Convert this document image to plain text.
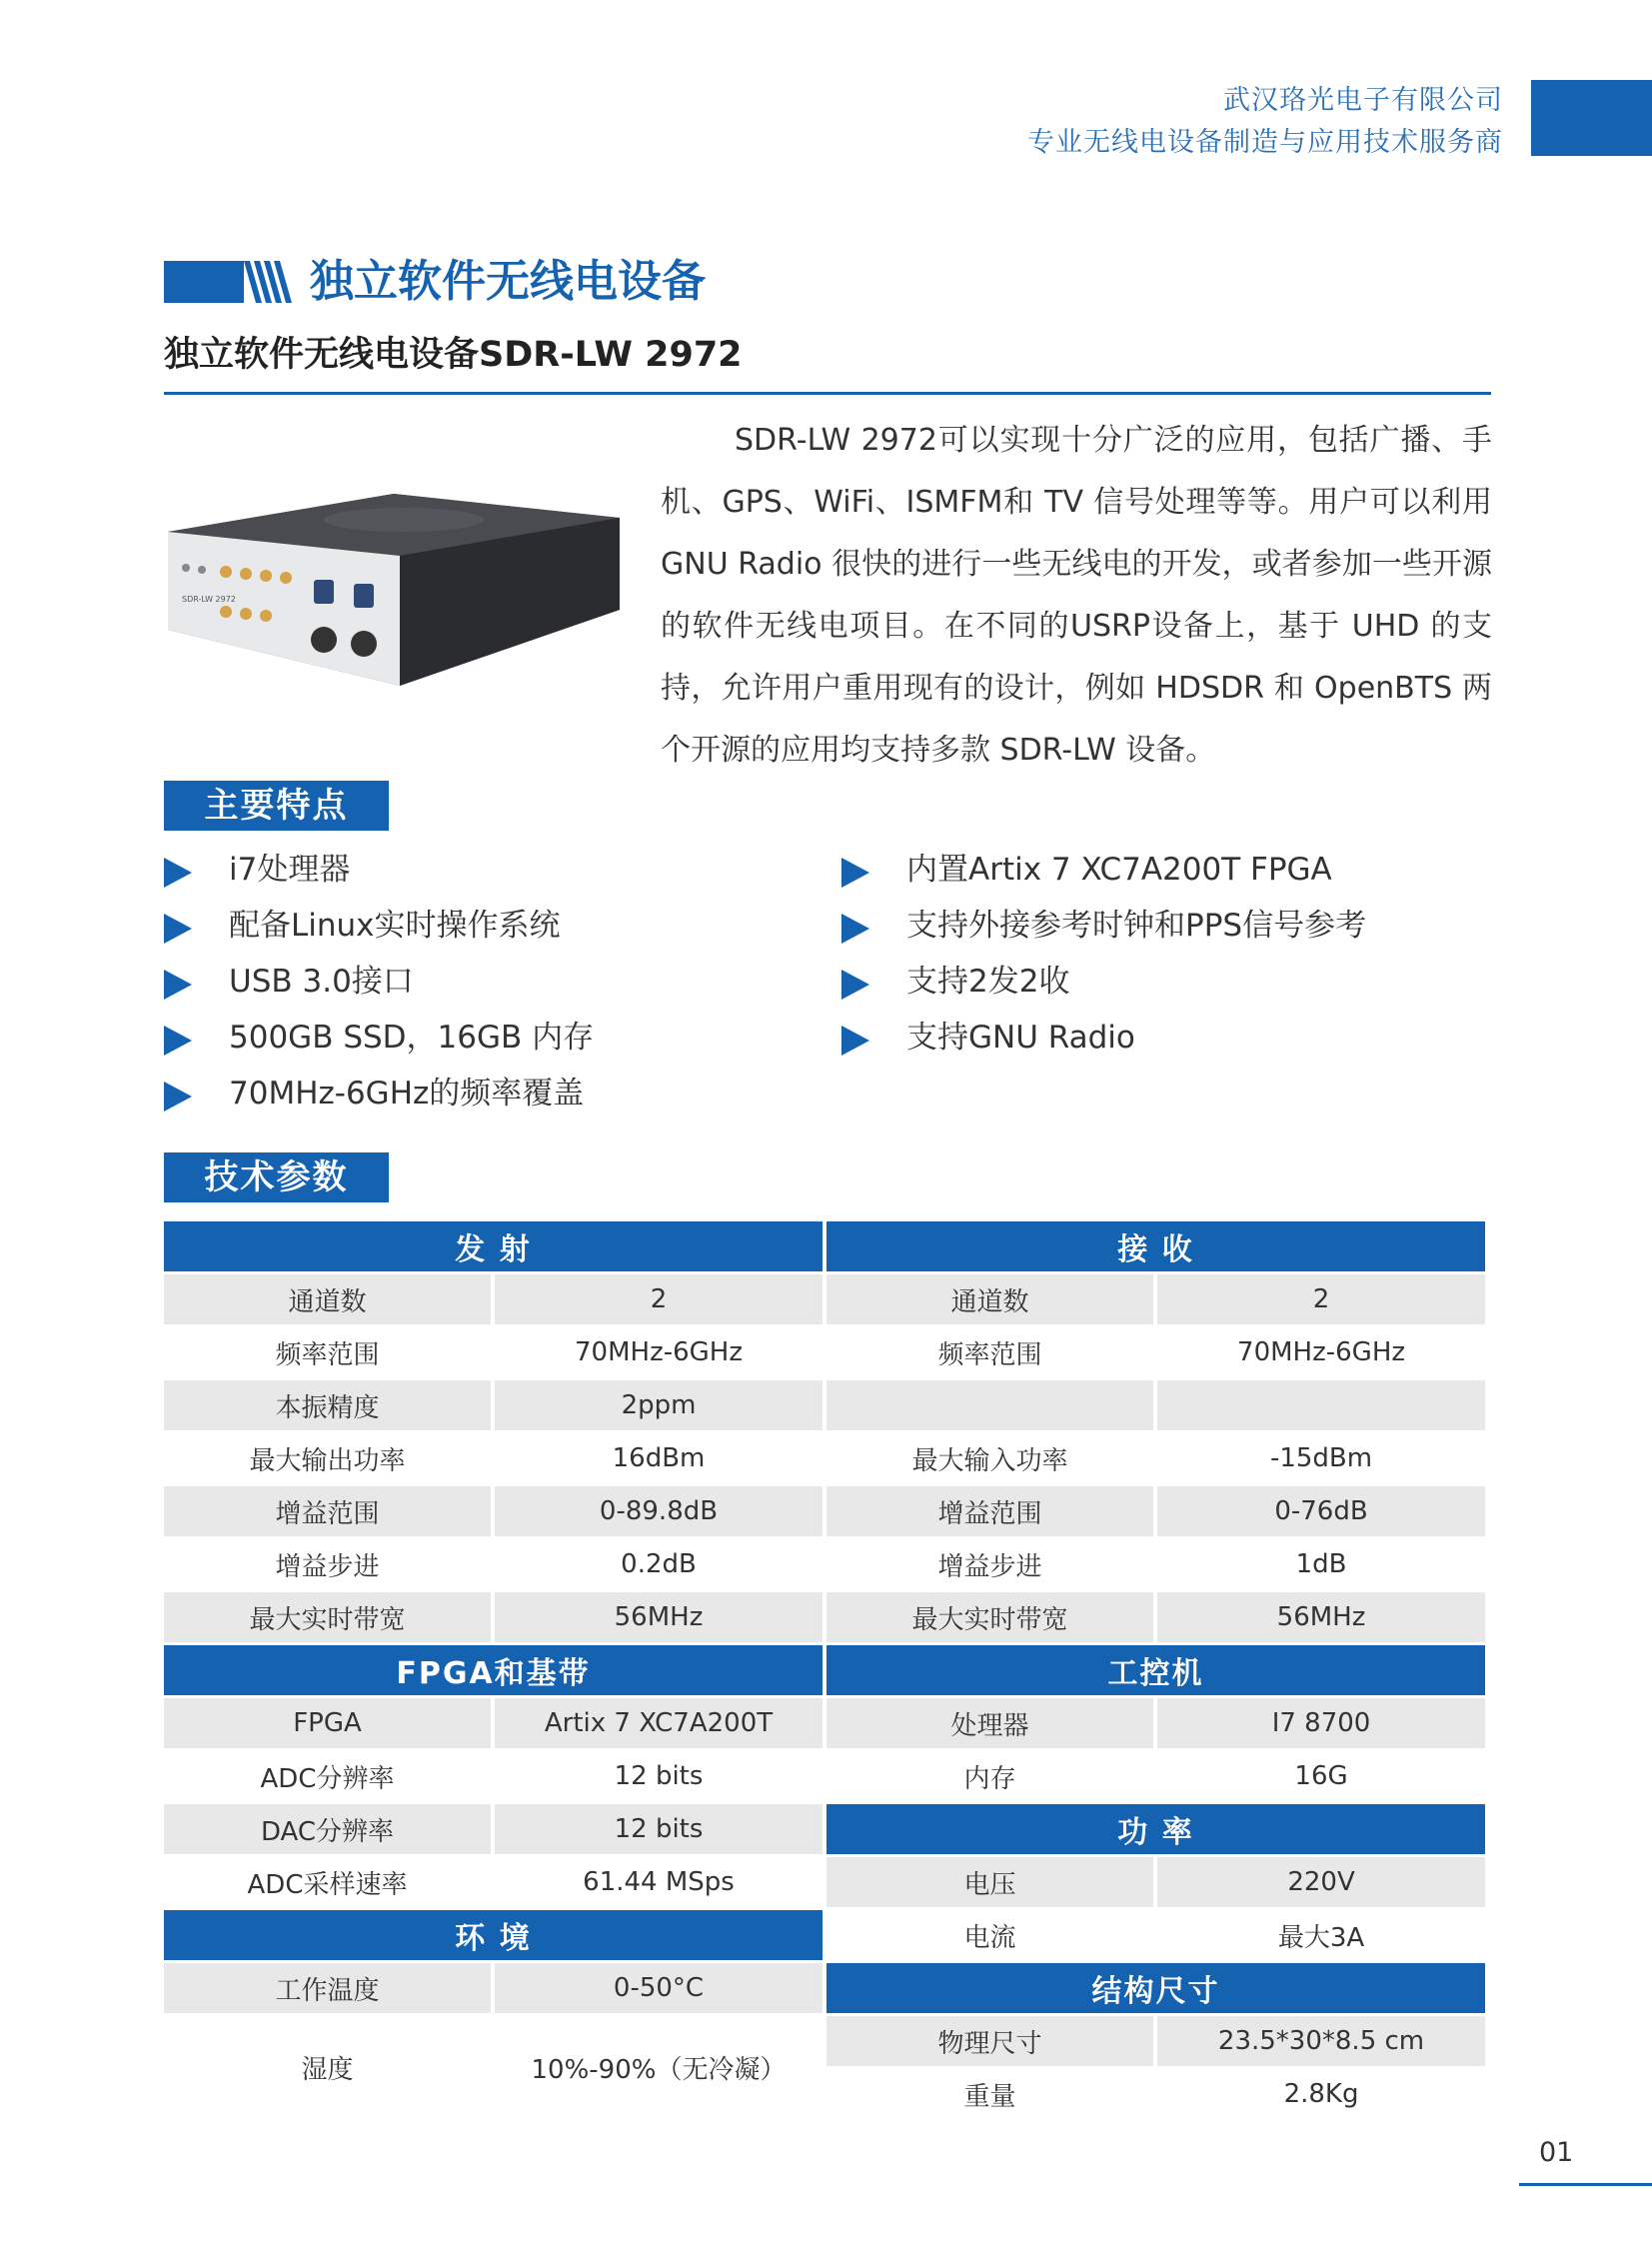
武汉珞光电子有限公司
专业无线电设备制造与应用技术服务商
独立软件无线电设备
独立软件无线电设备SDR-LW 2972
SDR-LW 2972
SDR-LW 2972可以实现十分广泛的应用，包括广播、手机、GPS、WiFi、ISMFM和 TV 信号处理等等。用户可以利用 GNU Radio 很快的进行一些无线电的开发，或者参加一些开源的软件无线电项目。在不同的USRP设备上，基于 UHD 的支持，允许用户重用现有的设计，例如 HDSDR 和 OpenBTS 两个开源的应用均支持多款 SDR-LW 设备。
主要特点
i7处理器
配备Linux实时操作系统
USB 3.0接口
500GB SSD，16GB 内存
70MHz-6GHz的频率覆盖
内置Artix 7 XC7A200T FPGA
支持外接参考时钟和PPS信号参考
支持2发2收
支持GNU Radio
技术参数
发 射		接 收	
通道数	2	通道数	2
频率范围	70MHz-6GHz	频率范围	70MHz-6GHz
本振精度	2ppm		
最大输出功率	16dBm	最大输入功率	-15dBm
增益范围	0-89.8dB	增益范围	0-76dB
增益步进	0.2dB	增益步进	1dB
最大实时带宽	56MHz	最大实时带宽	56MHz
FPGA和基带		工控机	
FPGA	Artix 7 XC7A200T	处理器	I7 8700
ADC分辨率	12 bits	内存	16G
DAC分辨率	12 bits	功 率	
ADC采样速率	61.44 MSps	电压	220V
环 境		电流	最大3A
工作温度	0-50°C	结构尺寸	
湿度	10%-90%（无冷凝）	物理尺寸	23.5*30*8.5 cm
		重量	2.8Kg
01
